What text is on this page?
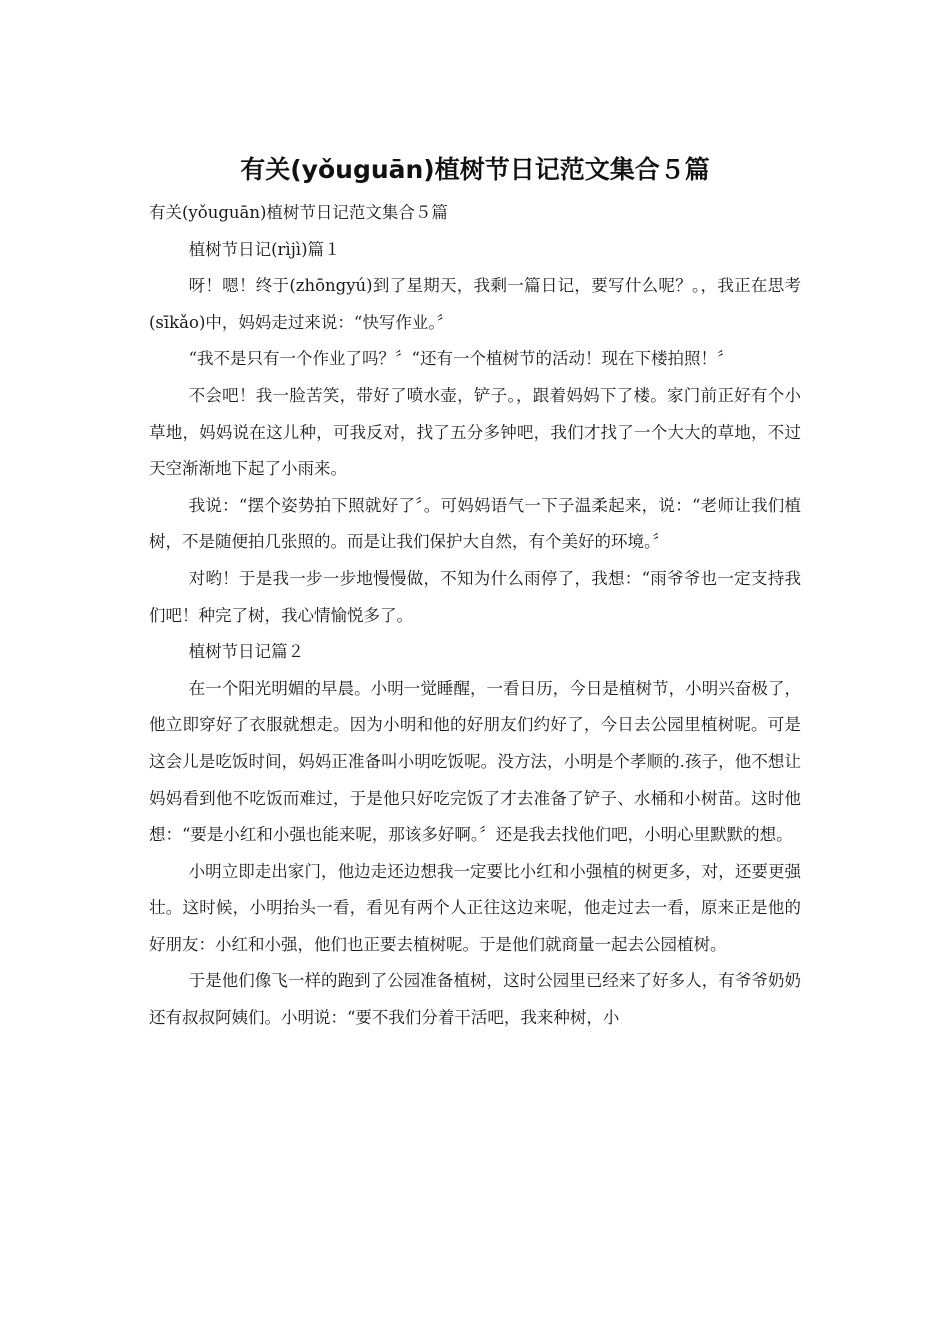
有关(yǒuguān)植树节日记范文集合５篇

有关(yǒuguān)植树节日记范文集合５篇

植树节日记(rìjì)篇１

呀！嗯！终于(zhōngyú)到了星期天，我剩一篇日记，要写什么呢？。，我正在思考(sīkǎo)中，妈妈走过来说：“快写作业。〞

“我不是只有一个作业了吗？〞“还有一个植树节的活动！现在下楼拍照！〞

不会吧！我一脸苦笑，带好了喷水壶，铲子。，跟着妈妈下了楼。家门前正好有个小草地，妈妈说在这儿种，可我反对，找了五分多钟吧，我们才找了一个大大的草地，不过天空渐渐地下起了小雨来。

我说：“摆个姿势拍下照就好了〞。可妈妈语气一下子温柔起来，说：“老师让我们植树，不是随便拍几张照的。而是让我们保护大自然，有个美好的环境。〞

对哟！于是我一步一步地慢慢做，不知为什么雨停了，我想：“雨爷爷也一定支持我们吧！种完了树，我心情愉悦多了。

植树节日记篇２

在一个阳光明媚的早晨。小明一觉睡醒，一看日历，今日是植树节，小明兴奋极了，他立即穿好了衣服就想走。因为小明和他的好朋友们约好了，今日去公园里植树呢。可是这会儿是吃饭时间，妈妈正准备叫小明吃饭呢。没方法，小明是个孝顺的.孩子，他不想让妈妈看到他不吃饭而难过，于是他只好吃完饭了才去准备了铲子、水桶和小树苗。这时他想：“要是小红和小强也能来呢，那该多好啊。〞还是我去找他们吧，小明心里默默的想。

小明立即走出家门，他边走还边想我一定要比小红和小强植的树更多，对，还要更强壮。这时候，小明抬头一看，看见有两个人正往这边来呢，他走过去一看，原来正是他的好朋友：小红和小强，他们也正要去植树呢。于是他们就商量一起去公园植树。

于是他们像飞一样的跑到了公园准备植树，这时公园里已经来了好多人，有爷爷奶奶还有叔叔阿姨们。小明说：“要不我们分着干活吧，我来种树，小
